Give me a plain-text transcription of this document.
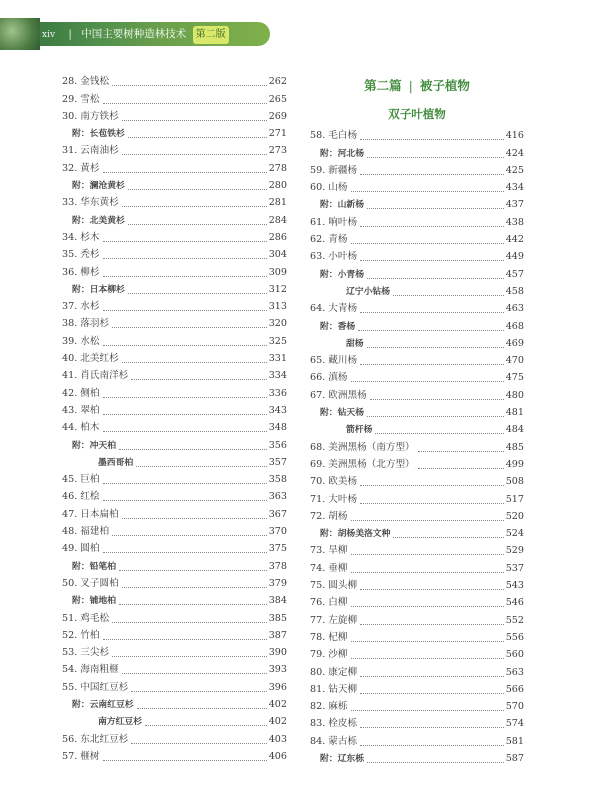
xiv | 中国主要树种造林技术 第二版
28. 金钱松	262
29. 雪松	265
30. 南方铁杉	269
附：长苞铁杉	271
31. 云南油杉	273
32. 黄杉	278
附：澜沧黄杉	280
33. 华东黄杉	281
附：北美黄杉	284
34. 杉木	286
35. 秃杉	304
36. 柳杉	309
附：日本柳杉	312
37. 水杉	313
38. 落羽杉	320
39. 水松	325
40. 北美红杉	331
41. 肖氏南洋杉	334
42. 侧柏	336
43. 翠柏	343
44. 柏木	348
附：冲天柏	356
墨西哥柏	357
45. 巨柏	358
46. 红桧	363
47. 日本扁柏	367
48. 福建柏	370
49. 圆柏	375
附：铅笔柏	378
50. 叉子圆柏	379
附：铺地柏	384
51. 鸡毛松	385
52. 竹柏	387
53. 三尖杉	390
54. 海南粗榧	393
55. 中国红豆杉	396
附：云南红豆杉	402
南方红豆杉	402
56. 东北红豆杉	403
57. 榧树	406
第二篇 | 被子植物
双子叶植物
58. 毛白杨	416
附：河北杨	424
59. 新疆杨	425
60. 山杨	434
附：山新杨	437
61. 响叶杨	438
62. 青杨	442
63. 小叶杨	449
附：小青杨	457
辽宁小钻杨	458
64. 大青杨	463
附：香杨	468
甜杨	469
65. 藏川杨	470
66. 滇杨	475
67. 欧洲黑杨	480
附：钻天杨	481
箭杆杨	484
68. 美洲黑杨（南方型）	485
69. 美洲黑杨（北方型）	499
70. 欧美杨	508
71. 大叶杨	517
72. 胡杨	520
附：胡杨美洛文种	524
73. 旱柳	529
74. 垂柳	537
75. 圆头柳	543
76. 白柳	546
77. 左旋柳	552
78. 杞柳	556
79. 沙柳	560
80. 康定柳	563
81. 钻天柳	566
82. 麻栎	570
83. 栓皮栎	574
84. 蒙古栎	581
附：辽东栎	587
